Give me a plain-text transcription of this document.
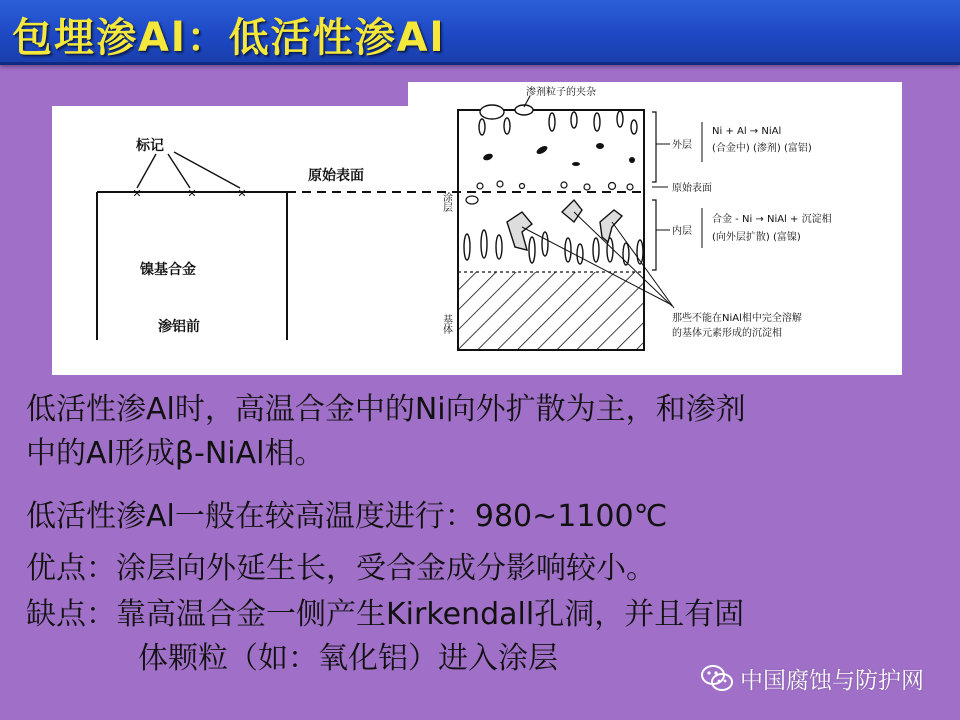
包埋渗Al：低活性渗Al
标记
✕	✕	✕
镍基合金
渗铝前
原始表面
渗剂粒子的夹杂
涂层
基体
外层
Ni + Al → NiAl
(合金中) (渗剂) (富铝)
原始表面
内层
合金 - Ni → NiAl + 沉淀相
(向外层扩散) (富镍)
那些不能在NiAl相中完全溶解
的基体元素形成的沉淀相
低活性渗Al时，高温合金中的Ni向外扩散为主，和渗剂
中的Al形成β-NiAl相。
低活性渗Al一般在较高温度进行：980~1100℃
优点：涂层向外延生长，受合金成分影响较小。
缺点：靠高温合金一侧产生Kirkendall孔洞，并且有固
体颗粒（如：氧化铝）进入涂层
中国腐蚀与防护网
